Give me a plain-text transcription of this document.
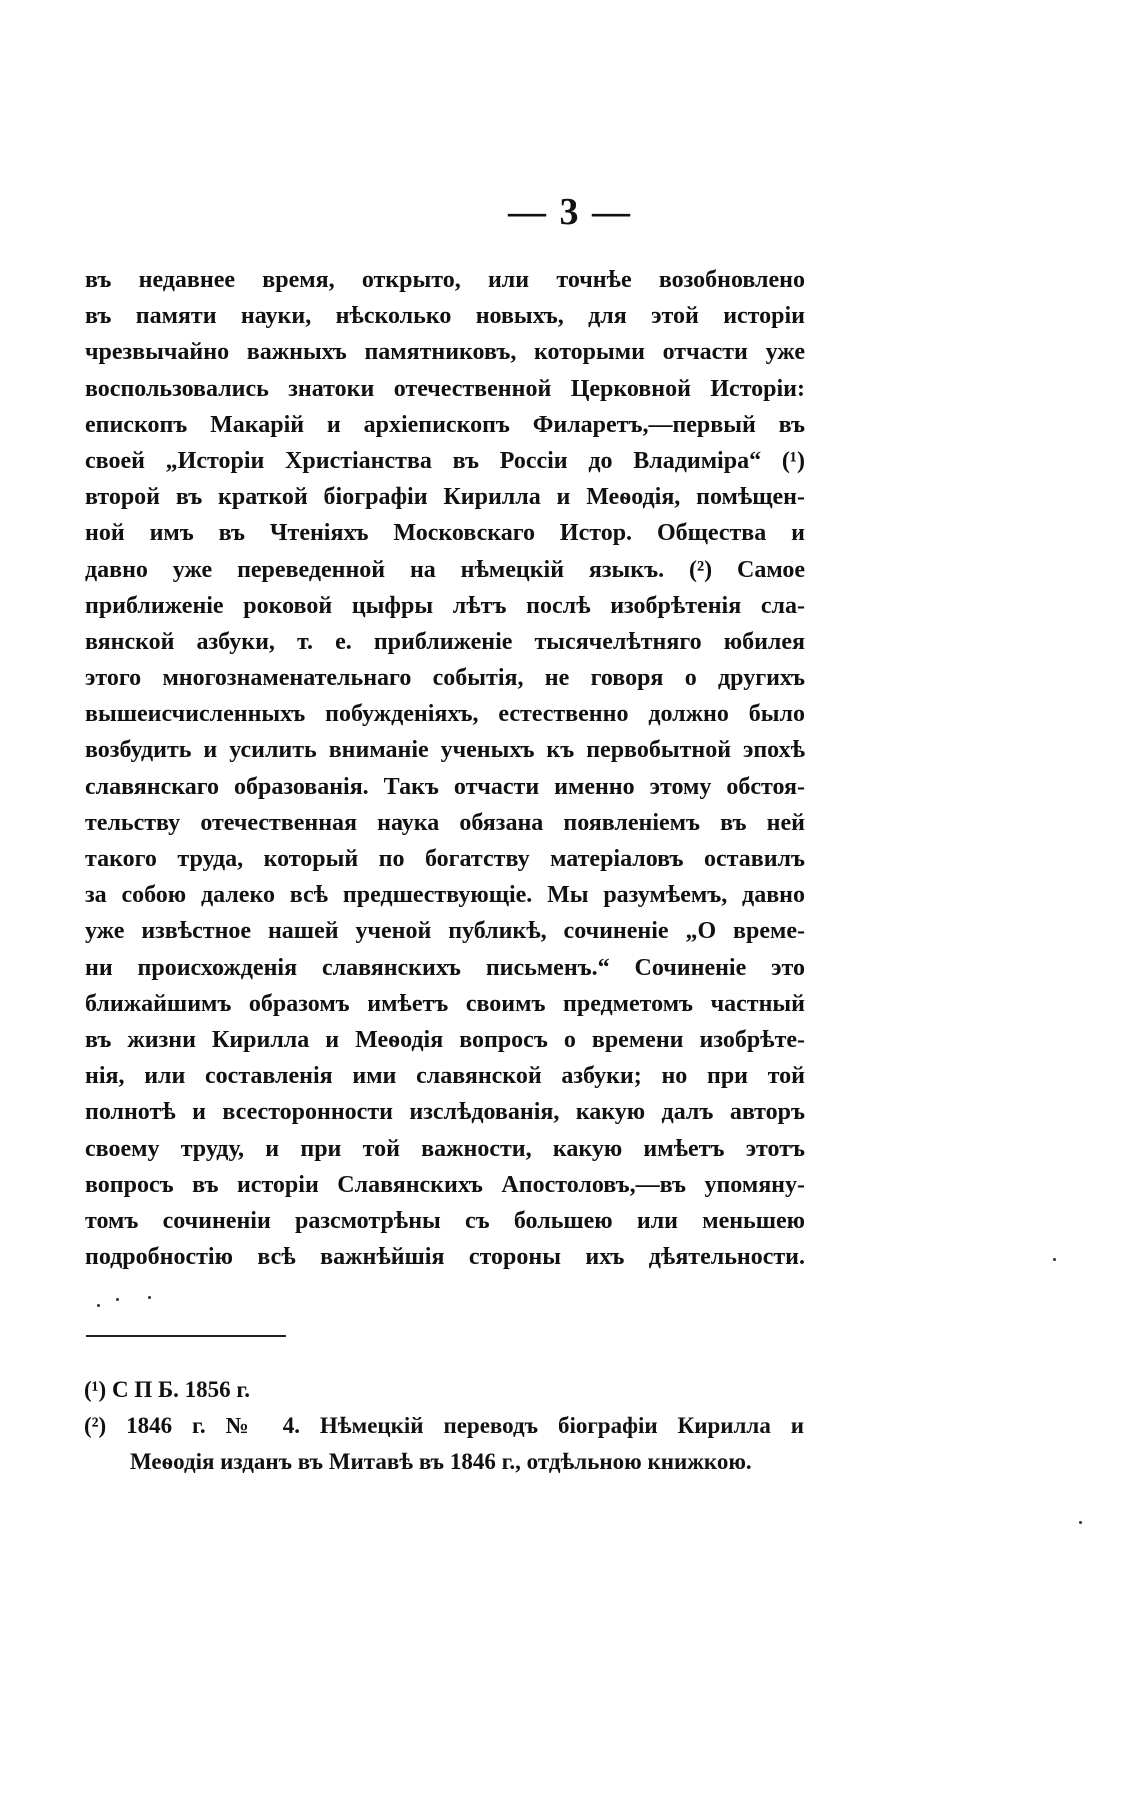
— 3 —
въ недавнее время, открыто, или точнѣе возобновлено
въ памяти науки, нѣсколько новыхъ, для этой исторіи
чрезвычайно важныхъ памятниковъ, которыми отчасти уже
воспользовались знатоки отечественной Церковной Исторіи:
епископъ Макарій и архіепископъ Филаретъ,—первый въ
своей „Исторіи Христіанства въ Россіи до Владиміра“ (¹)
второй въ краткой біографіи Кирилла и Меѳодія, помѣщен-
ной имъ въ Чтеніяхъ Московскаго Истор. Общества и
давно уже переведенной на нѣмецкій языкъ. (²) Самое
приближеніе роковой цыфры лѣтъ послѣ изобрѣтенія сла-
вянской азбуки, т. е. приближеніе тысячелѣтняго юбилея
этого многознаменательнаго событія, не говоря о другихъ
вышеисчисленныхъ побужденіяхъ, естественно должно было
возбудить и усилить вниманіе ученыхъ къ первобытной эпохѣ
славянскаго образованія. Такъ отчасти именно этому обстоя-
тельству отечественная наука обязана появленіемъ въ ней
такого труда, который по богатству матеріаловъ оставилъ
за собою далеко всѣ предшествующіе. Мы разумѣемъ, давно
уже извѣстное нашей ученой публикѣ, сочиненіе „О време-
ни происхожденія славянскихъ письменъ.“ Сочиненіе это
ближайшимъ образомъ имѣетъ своимъ предметомъ частный
въ жизни Кирилла и Меѳодія вопросъ о времени изобрѣте-
нія, или составленія ими славянской азбуки; но при той
полнотѣ и всесторонности изслѣдованія, какую далъ авторъ
своему труду, и при той важности, какую имѣетъ этотъ
вопросъ въ исторіи Славянскихъ Апостоловъ,—въ упомяну-
томъ сочиненіи разсмотрѣны съ большею или меньшею
подробностію всѣ важнѣйшія стороны ихъ дѣятельности.
(¹) С П Б. 1856 г.
(²) 1846 г. № 4. Нѣмецкій переводъ біографіи Кирилла и
Меѳодія изданъ въ Митавѣ въ 1846 г., отдѣльною книжкою.
